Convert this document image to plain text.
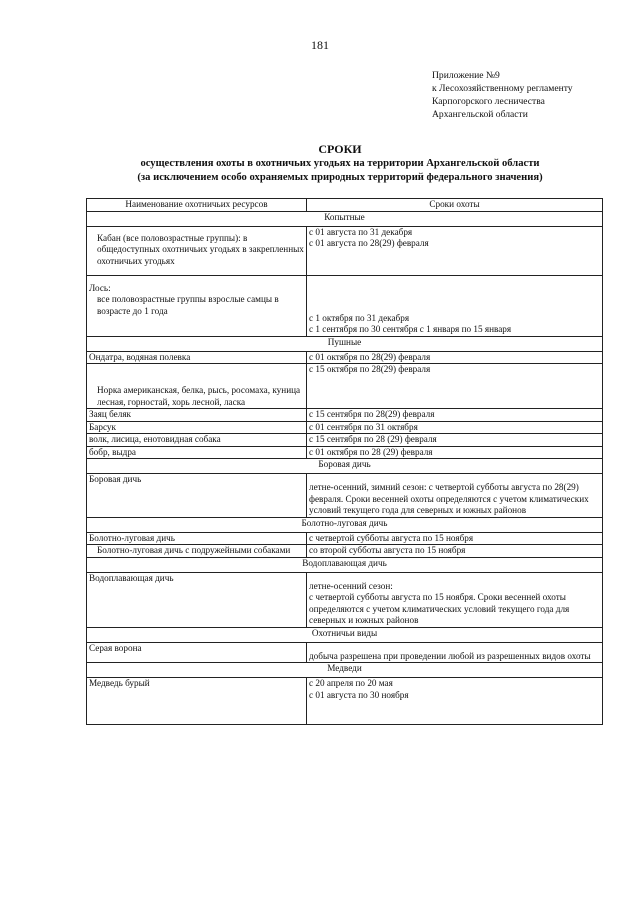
181
Приложение №9
к Лесохозяйственному регламенту
Карпогорского лесничества
Архангельской области
СРОКИ
осуществления охоты в охотничьих угодьях на территории Архангельской области
(за исключением особо охраняемых природных территорий федерального значения)
Наименование охотничьих ресурсов	Сроки охоты
Копытные	

Кабан (все половозрастные группы): в общедоступных охотничьих угодьях в закрепленных охотничьих угодьях	с 01 августа по 31 декабря
с 01 августа по 28(29) февраля

Лось:
все половозрастные группы взрослые самцы в возрасте до 1 года	с 1 октября по 31 декабря
с 1 сентября по 30 сентября с 1 января по 15 января

Пушные	
Ондатра, водяная полевка	с 01 октября по 28(29) февраля

Норка американская, белка, рысь, росомаха, куница лесная, горностай, хорь лесной, ласка	с 15 октября по 28(29) февраля
Заяц беляк	с 15 сентября по 28(29) февраля
Барсук	с 01 сентября по 31 октября
волк, лисица, енотовидная собака	с 15 сентября по 28 (29) февраля
бобр, выдра	с 01 октября по 28 (29) февраля
Боровая дичь	
Боровая дичь	летне-осенний, зимний сезон: с четвертой субботы августа по 28(29) февраля. Сроки весенней охоты определяются с учетом климатических условий текущего года для северных и южных районов

Болотно-луговая дичь	
Болотно-луговая дичь	с четвертой субботы августа по 15 ноября

Болотно-луговая дичь с подружейными собаками	со второй субботы августа по 15 ноября
Водоплавающая дичь	
Водоплавающая дичь	летне-осенний сезон:
с четвертой субботы августа по 15 ноября. Сроки весенней охоты определяются с учетом климатических условий текущего года для северных и южных районов

Охотничьи виды	
Серая ворона	добыча разрешена при проведении любой из разрешенных видов охоты

Медведи	
Медведь бурый	с 20 апреля по 20 мая
с 01 августа по 30 ноября
